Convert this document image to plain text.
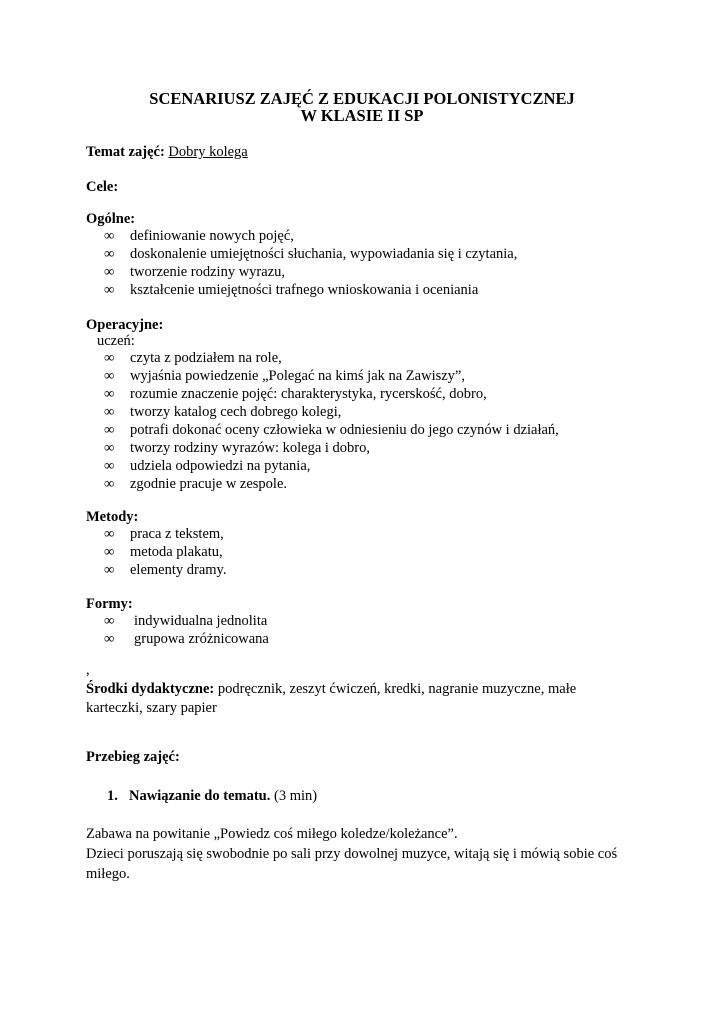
SCENARIUSZ ZAJĘĆ Z EDUKACJI POLONISTYCZNEJ
W KLASIE II SP
Temat zajęć: Dobry kolega
Cele:
Ogólne:
∞	definiowanie nowych pojęć,
∞	doskonalenie umiejętności słuchania, wypowiadania się i czytania,
∞	tworzenie rodziny wyrazu,
∞	kształcenie umiejętności trafnego wnioskowania i oceniania
Operacyjne:
uczeń:
∞	czyta z podziałem na role,
∞	wyjaśnia powiedzenie „Polegać na kimś jak na Zawiszy”,
∞	rozumie znaczenie pojęć: charakterystyka, rycerskość, dobro,
∞	tworzy katalog cech dobrego kolegi,
∞	potrafi dokonać oceny człowieka w odniesieniu do jego czynów i działań,
∞	tworzy rodziny wyrazów: kolega i dobro,
∞	udziela odpowiedzi na pytania,
∞	zgodnie pracuje w zespole.
Metody:
∞	praca z tekstem,
∞	metoda plakatu,
∞	elementy dramy.
Formy:
∞	indywidualna jednolita
∞	grupowa zróżnicowana
,
Środki dydaktyczne: podręcznik, zeszyt ćwiczeń, kredki, nagranie muzyczne, małe
karteczki, szary papier
Przebieg zajęć:
1. Nawiązanie do tematu. (3 min)
Zabawa na powitanie „Powiedz coś miłego koledze/koleżance”.
Dzieci poruszają się swobodnie po sali przy dowolnej muzyce, witają się i mówią sobie coś
miłego.
